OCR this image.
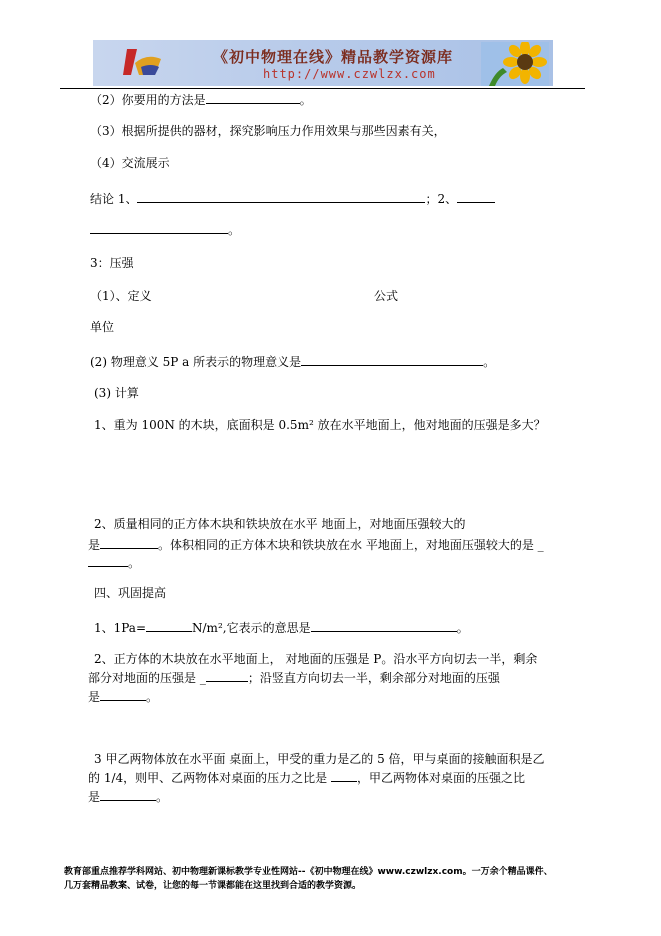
《初中物理在线》精品教学资源库
http://www.czwlzx.com
（2）你要用的方法是	。
（3）根据所提供的器材，探究影响压力作用效果与那些因素有关，
（4）交流展示
结论 1、	；2、
。
3：压强
（1）、定义	公式
单位
(2) 物理意义 5P a 所表示的物理意义是	。
(3) 计算
1、重为 100N 的木块，底面积是 0.5m² 放在水平地面上，他对地面的压强是多大？
2、质量相同的正方体木块和铁块放在水平 地面上，对地面压强较大的
是	。体积相同的正方体木块和铁块放在水 平地面上，对地面压强较大的是 _
。
四、巩固提高
1、1Pa=	N/m²,它表示的意思是	。
2、正方体的木块放在水平地面上， 对地面的压强是 P。沿水平方向切去一半，剩余
部分对地面的压强是 _	；沿竖直方向切去一半，剩余部分对地面的压强
是	。
3 甲乙两物体放在水平面 桌面上，甲受的重力是乙的 5 倍，甲与桌面的接触面积是乙
的 1/4，则甲、乙两物体对桌面的压力之比是 ，甲乙两物体对桌面的压强之比
是	。
教育部重点推荐学科网站、初中物理新课标教学专业性网站--《初中物理在线》www.czwlzx.com。一万余个精品课件、
几万套精品教案、试卷，让您的每一节课都能在这里找到合适的教学资源。
